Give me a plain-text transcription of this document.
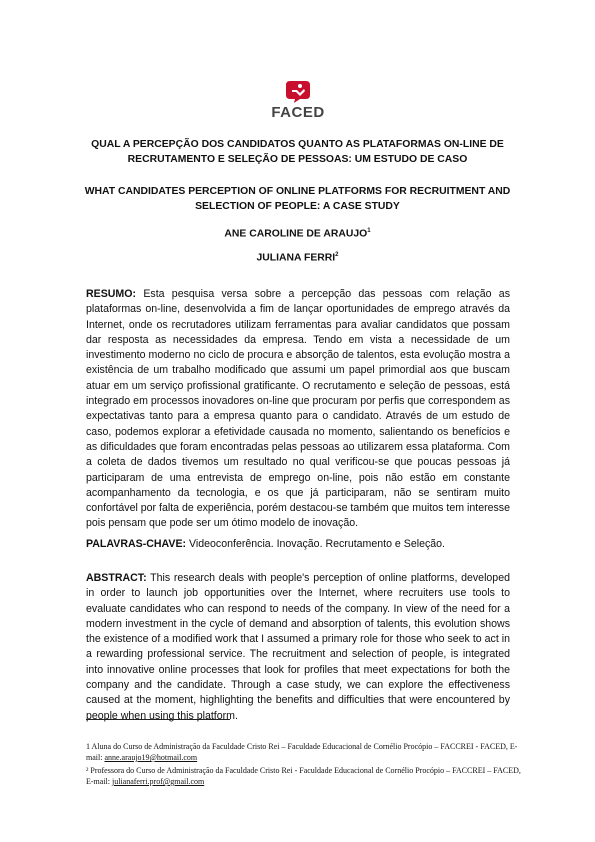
FACED
QUAL A PERCEPÇÃO DOS CANDIDATOS QUANTO AS PLATAFORMAS ON-LINE DE RECRUTAMENTO E SELEÇÃO DE PESSOAS: UM ESTUDO DE CASO
WHAT CANDIDATES PERCEPTION OF ONLINE PLATFORMS FOR RECRUITMENT AND SELECTION OF PEOPLE: A CASE STUDY
ANE CAROLINE DE ARAUJO$^1$
JULIANA FERRI$^2$

RESUMO: Esta pesquisa versa sobre a percepção das pessoas com relação as plataformas on-line, desenvolvida a fim de lançar oportunidades de emprego através da Internet, onde os recrutadores utilizam ferramentas para avaliar candidatos que possam dar resposta as necessidades da empresa. Tendo em vista a necessidade de um investimento moderno no ciclo de procura e absorção de talentos, esta evolução mostra a existência de um trabalho modificado que assumi um papel primordial aos que buscam atuar em um serviço profissional gratificante. O recrutamento e seleção de pessoas, está integrado em processos inovadores on-line que procuram por perfis que correspondem as expectativas tanto para a empresa quanto para o candidato. Através de um estudo de caso, podemos explorar a efetividade causada no momento, salientando os benefícios e as dificuldades que foram encontradas pelas pessoas ao utilizarem essa plataforma. Com a coleta de dados tivemos um resultado no qual verificou-se que poucas pessoas já participaram de uma entrevista de emprego on-line, pois não estão em constante acompanhamento da tecnologia, e os que já participaram, não se sentiram muito confortável por falta de experiência, porém destacou-se também que muitos tem interesse pois pensam que pode ser um ótimo modelo de inovação.

PALAVRAS-CHAVE: Videoconferência. Inovação. Recrutamento e Seleção.

ABSTRACT: This research deals with people's perception of online platforms, developed in order to launch job opportunities over the Internet, where recruiters use tools to evaluate candidates who can respond to needs of the company. In view of the need for a modern investment in the cycle of demand and absorption of talents, this evolution shows the existence of a modified work that I assumed a primary role for those who seek to act in a rewarding professional service. The recruitment and selection of people, is integrated into innovative online processes that look for profiles that meet expectations for both the company and the candidate. Through a case study, we can explore the effectiveness caused at the moment, highlighting the benefits and difficulties that were encountered by people when using this platform.

1 Aluna do Curso de Administração da Faculdade Cristo Rei – Faculdade Educacional de Cornélio Procópio – FACCREI - FACED, E-mail: anne.araujo19@hotmail.com

² Professora do Curso de Administração da Faculdade Cristo Rei - Faculdade Educacional de Cornélio Procópio – FACCREI – FACED, E-mail: julianaferri.prof@gmail.com
